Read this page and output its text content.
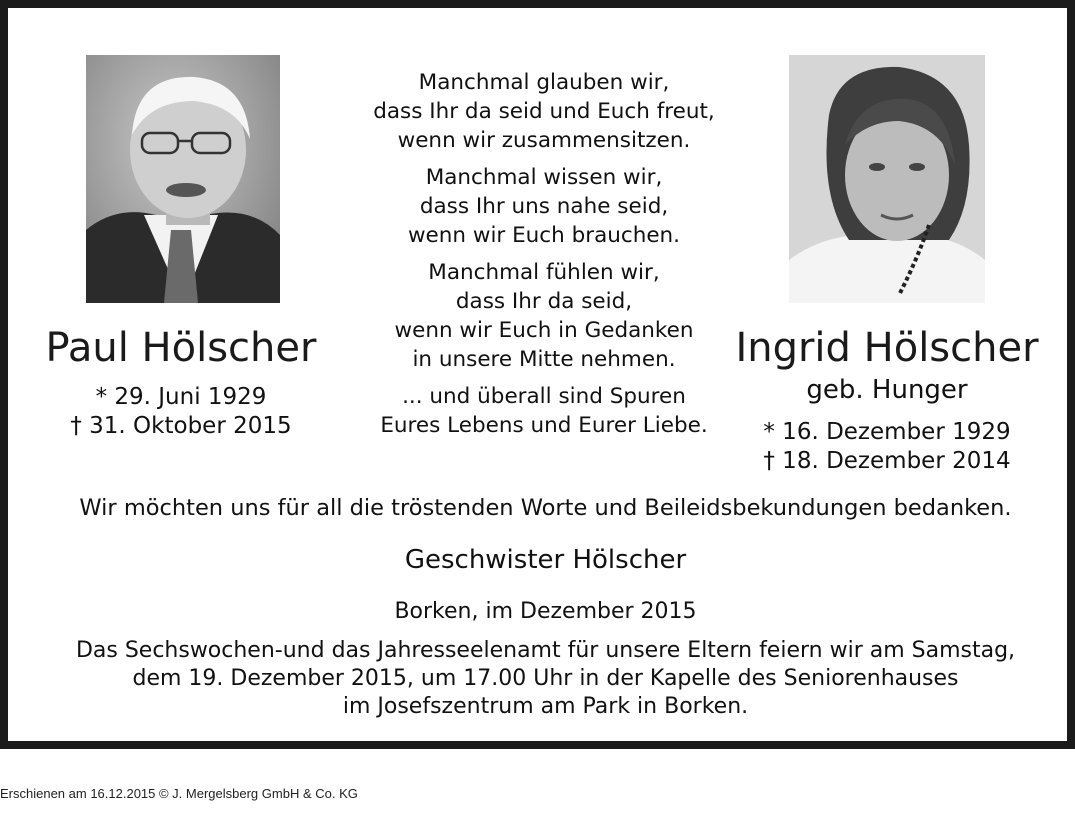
Paul Hölscher
* 29. Juni 1929
† 31. Oktober 2015
Manchmal glauben wir,
dass Ihr da seid und Euch freut,
wenn wir zusammensitzen.
Manchmal wissen wir,
dass Ihr uns nahe seid,
wenn wir Euch brauchen.
Manchmal fühlen wir,
dass Ihr da seid,
wenn wir Euch in Gedanken
in unsere Mitte nehmen.
... und überall sind Spuren
Eures Lebens und Eurer Liebe.
Ingrid Hölscher
geb. Hunger
* 16. Dezember 1929
† 18. Dezember 2014
Wir möchten uns für all die tröstenden Worte und Beileidsbekundungen bedanken.
Geschwister Hölscher
Borken, im Dezember 2015
Das Sechswochen-und das Jahresseelenamt für unsere Eltern feiern wir am Samstag,
dem 19. Dezember 2015, um 17.00 Uhr in der Kapelle des Seniorenhauses
im Josefszentrum am Park in Borken.
Erschienen am 16.12.2015 © J. Mergelsberg GmbH & Co. KG
